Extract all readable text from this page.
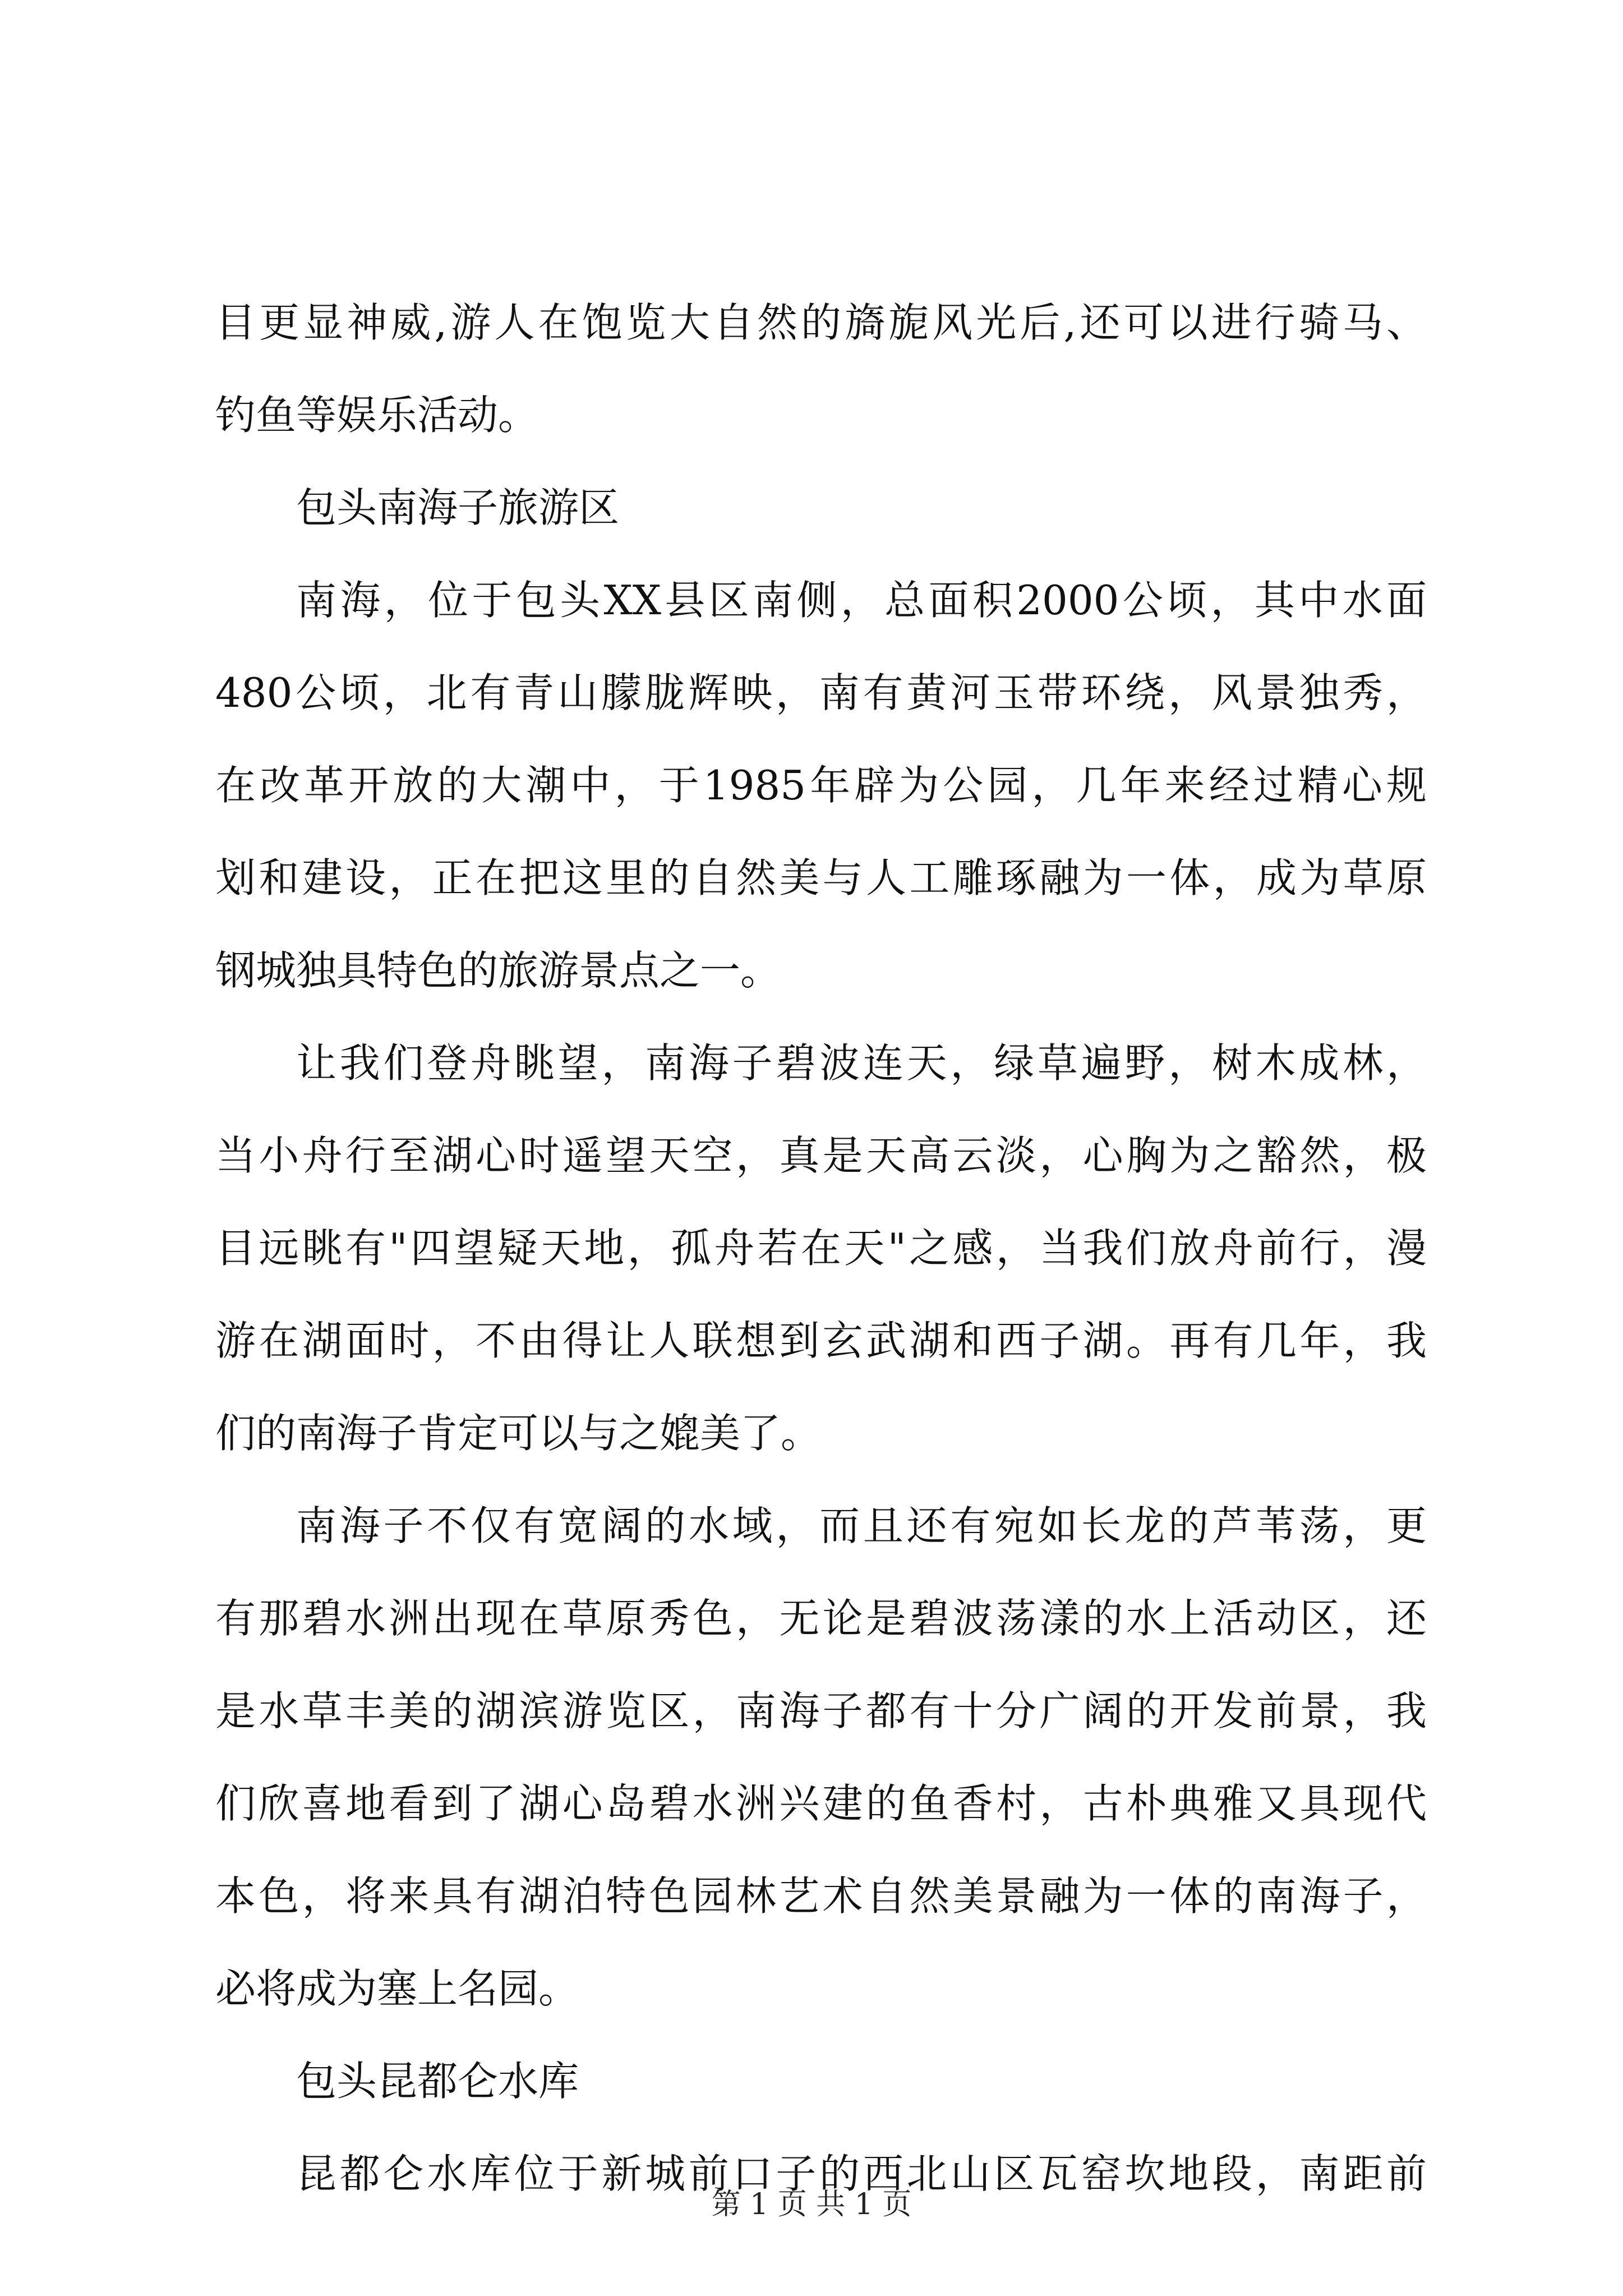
目更显神威,游人在饱览大自然的旖旎风光后,还可以进行骑马、
钓鱼等娱乐活动。
包头南海子旅游区
南海，位于包头XX县区南侧，总面积2000公顷，其中水面
480公顷，北有青山朦胧辉映，南有黄河玉带环绕，风景独秀，
在改革开放的大潮中，于1985年辟为公园，几年来经过精心规
划和建设，正在把这里的自然美与人工雕琢融为一体，成为草原
钢城独具特色的旅游景点之一。
让我们登舟眺望，南海子碧波连天，绿草遍野，树木成林，
当小舟行至湖心时遥望天空，真是天高云淡，心胸为之豁然，极
目远眺有"四望疑天地，孤舟若在天"之感，当我们放舟前行，漫
游在湖面时，不由得让人联想到玄武湖和西子湖。再有几年，我
们的南海子肯定可以与之媲美了。
南海子不仅有宽阔的水域，而且还有宛如长龙的芦苇荡，更
有那碧水洲出现在草原秀色，无论是碧波荡漾的水上活动区，还
是水草丰美的湖滨游览区，南海子都有十分广阔的开发前景，我
们欣喜地看到了湖心岛碧水洲兴建的鱼香村，古朴典雅又具现代
本色，将来具有湖泊特色园林艺术自然美景融为一体的南海子，
必将成为塞上名园。
包头昆都仑水库
昆都仑水库位于新城前口子的西北山区瓦窑坎地段，南距前
第 1 页 共 1 页
